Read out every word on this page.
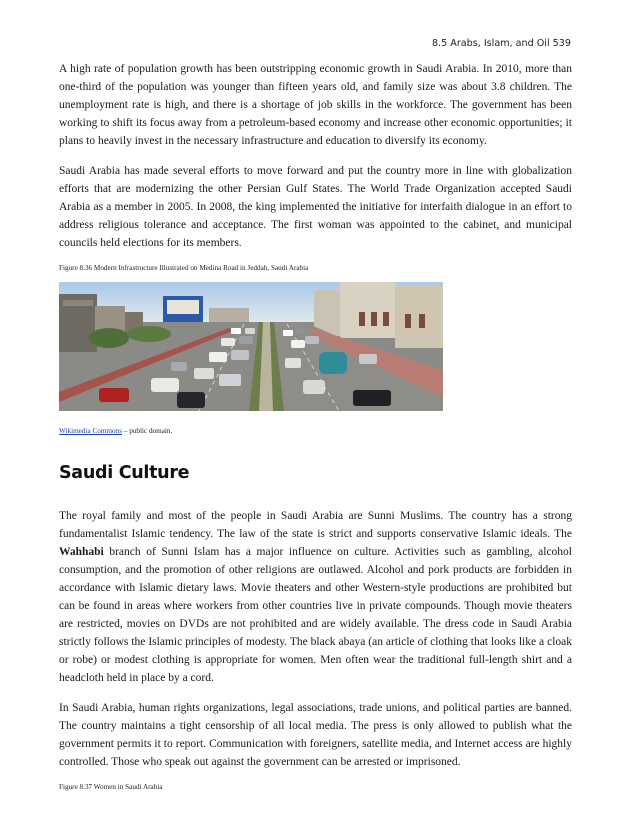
8.5 Arabs, Islam, and Oil 539

A high rate of population growth has been outstripping economic growth in Saudi Arabia. In 2010, more than one-third of the population was younger than fifteen years old, and family size was about 3.8 children. The unemployment rate is high, and there is a shortage of job skills in the workforce. The government has been working to shift its focus away from a petroleum-based economy and increase other economic opportunities; it plans to heavily invest in the necessary infrastructure and education to diversify its economy.

Saudi Arabia has made several efforts to move forward and put the country more in line with globalization efforts that are modernizing the other Persian Gulf States. The World Trade Organization accepted Saudi Arabia as a member in 2005. In 2008, the king implemented the initiative for interfaith dialogue in an effort to address religious tolerance and acceptance. The first woman was appointed to the cabinet, and municipal councils held elections for its members.

Figure 8.36 Modern Infrastructure Illustrated on Medina Road in Jeddah, Saudi Arabia
Wikimedia Commons – public domain.
Saudi Culture

The royal family and most of the people in Saudi Arabia are Sunni Muslims. The country has a strong fundamentalist Islamic tendency. The law of the state is strict and supports conservative Islamic ideals. The Wahhabi branch of Sunni Islam has a major influence on culture. Activities such as gambling, alcohol consumption, and the promotion of other religions are outlawed. Alcohol and pork products are forbidden in accordance with Islamic dietary laws. Movie theaters and other Western-style productions are prohibited but can be found in areas where workers from other countries live in private compounds. Though movie theaters are restricted, movies on DVDs are not prohibited and are widely available. The dress code in Saudi Arabia strictly follows the Islamic principles of modesty. The black abaya (an article of clothing that looks like a cloak or robe) or modest clothing is appropriate for women. Men often wear the traditional full-length shirt and a headcloth held in place by a cord.

In Saudi Arabia, human rights organizations, legal associations, trade unions, and political parties are banned. The country maintains a tight censorship of all local media. The press is only allowed to publish what the government permits it to report. Communication with foreigners, satellite media, and Internet access are highly controlled. Those who speak out against the government can be arrested or imprisoned.

Figure 8.37 Women in Saudi Arabia
